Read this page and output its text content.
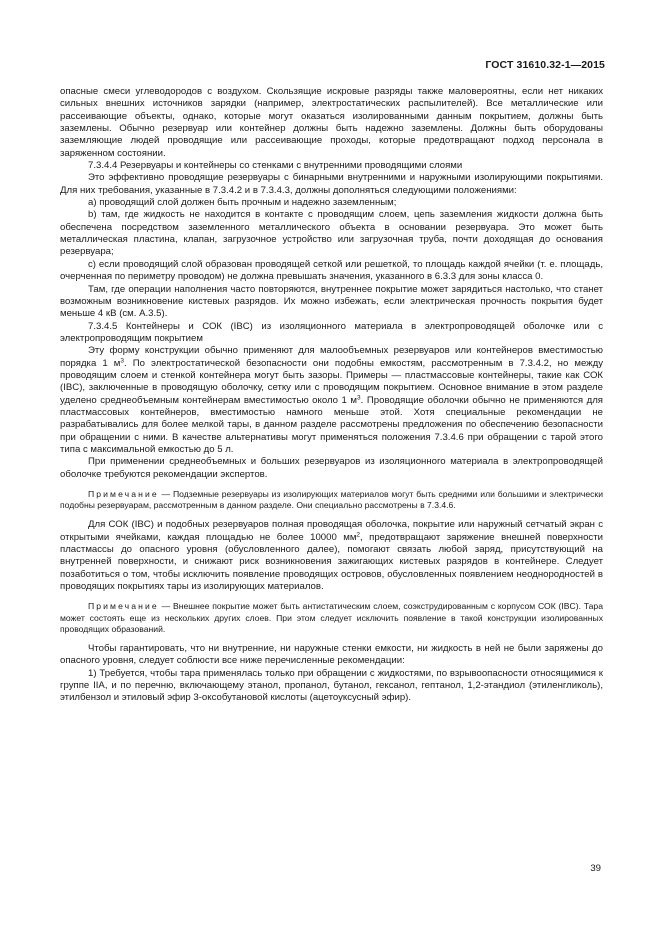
ГОСТ 31610.32-1—2015

опасные смеси углеводородов с воздухом. Скользящие искровые разряды также маловероятны, если нет никаких сильных внешних источников зарядки (например, электростатических распылителей). Все металлические или рассеивающие объекты, однако, которые могут оказаться изолированными данным покрытием, должны быть заземлены. Обычно резервуар или контейнер должны быть надежно заземлены. Должны быть оборудованы заземляющие людей проводящие или рассеивающие проходы, которые предотвращают подход персонала в заряженном состоянии.

7.3.4.4 Резервуары и контейнеры со стенками с внутренними проводящими слоями

Это эффективно проводящие резервуары с бинарными внутренними и наружными изолирующими покрытиями. Для них требования, указанные в 7.3.4.2 и в 7.3.4.3, должны дополняться следующими положениями:

a) проводящий слой должен быть прочным и надежно заземленным;

b) там, где жидкость не находится в контакте с проводящим слоем, цепь заземления жидкости должна быть обеспечена посредством заземленного металлического объекта в основании резервуара. Это может быть металлическая пластина, клапан, загрузочное устройство или загрузочная труба, почти доходящая до основания резервуара;

c) если проводящий слой образован проводящей сеткой или решеткой, то площадь каждой ячейки (т. е. площадь, очерченная по периметру проводом) не должна превышать значения, указанного в 6.3.3 для зоны класса 0.

Там, где операции наполнения часто повторяются, внутреннее покрытие может зарядиться настолько, что станет возможным возникновение кистевых разрядов. Их можно избежать, если электрическая прочность покрытия будет меньше 4 кВ (см. А.3.5).

7.3.4.5 Контейнеры и СОК (IBC) из изоляционного материала в электропроводящей оболочке или с электропроводящим покрытием

Эту форму конструкции обычно применяют для малообъемных резервуаров или контейнеров вместимостью порядка 1 $м^3$. По электростатической безопасности они подобны емкостям, рассмотренным в 7.3.4.2, но между проводящим слоем и стенкой контейнера могут быть зазоры. Примеры — пластмассовые контейнеры, такие как СОК (IBC), заключенные в проводящую оболочку, сетку или с проводящим покрытием. Основное внимание в этом разделе уделено среднеобъемным контейнерам вместимостью около 1 $м^3$. Проводящие оболочки обычно не применяются для пластмассовых контейнеров, вместимостью намного меньше этой. Хотя специальные рекомендации не разрабатывались для более мелкой тары, в данном разделе рассмотрены предложения по обеспечению безопасности при обращении с ними. В качестве альтернативы могут применяться положения 7.3.4.6 при обращении с тарой этого типа с максимальной емкостью до 5 л.

При применении среднеобъемных и больших резервуаров из изоляционного материала в электропроводящей оболочке требуются рекомендации экспертов.

Примечание — Подземные резервуары из изолирующих материалов могут быть средними или большими и электрически подобны резервуарам, рассмотренным в данном разделе. Они специально рассмотрены в 7.3.4.6.

Для СОК (IBC) и подобных резервуаров полная проводящая оболочка, покрытие или наружный сетчатый экран с открытыми ячейками, каждая площадью не более 10000 $мм^2$, предотвращают заряжение внешней поверхности пластмассы до опасного уровня (обусловленного далее), помогают связать любой заряд, присутствующий на внутренней поверхности, и снижают риск возникновения зажигающих кистевых разрядов в контейнере. Следует позаботиться о том, чтобы исключить появление проводящих островов, обусловленных появлением неоднородностей в проводящих покрытиях тары из изолирующих материалов.

Примечание — Внешнее покрытие может быть антистатическим слоем, соэкструдированным с корпусом СОК (IBC). Тара может состоять еще из нескольких других слоев. При этом следует исключить появление в такой конструкции изолированных проводящих образований.

Чтобы гарантировать, что ни внутренние, ни наружные стенки емкости, ни жидкость в ней не были заряжены до опасного уровня, следует соблюсти все ниже перечисленные рекомендации:

1) Требуется, чтобы тара применялась только при обращении с жидкостями, по взрывоопасности относящимися к группе IIA, и по перечню, включающему этанол, пропанол, бутанол, гексанол, гептанол, 1,2-этандиол (этиленгликоль), этилбензол и этиловый эфир 3-оксобутановой кислоты (ацетоуксусный эфир).

39
